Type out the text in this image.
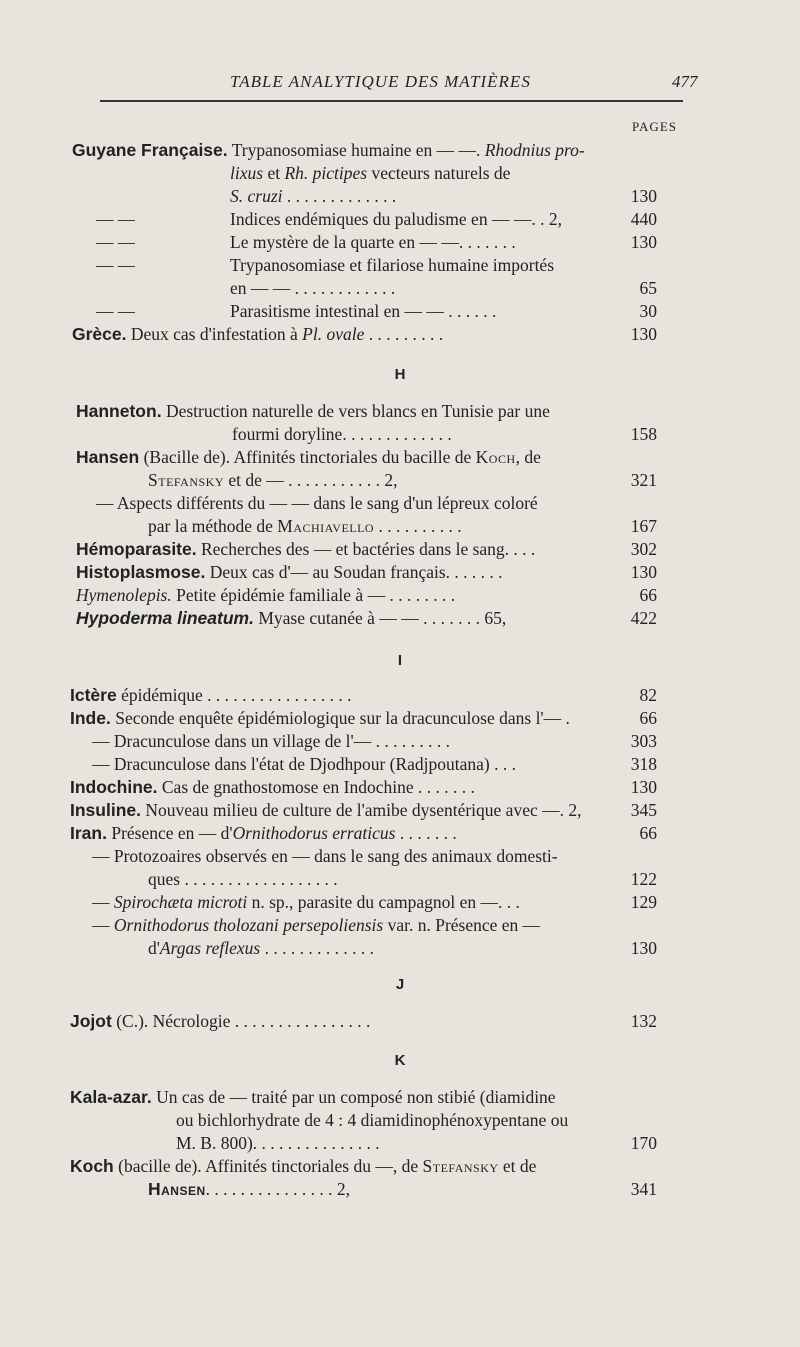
TABLE ANALYTIQUE DES MATIÈRES	477
PAGES
Guyane Française. Trypanosomiase humaine en — —. Rhodnius pro-
lixus et Rh. pictipes vecteurs naturels de
S. cruzi . . . . . . . . . . . . .	130
— —	Indices endémiques du paludisme en — —. . 2,	440
— —	Le mystère de la quarte en — —. . . . . . .	130
— —	Trypanosomiase et filariose humaine importés
en — — . . . . . . . . . . . .	65
— —	Parasitisme intestinal en — — . . . . . .	30
Grèce. Deux cas d'infestation à Pl. ovale . . . . . . . . .	130
H
Hanneton. Destruction naturelle de vers blancs en Tunisie par une
fourmi doryline. . . . . . . . . . . . .	158
Hansen (Bacille de). Affinités tinctoriales du bacille de Koch, de
Stefansky et de — . . . . . . . . . . . 2,	321
— Aspects différents du — — dans le sang d'un lépreux coloré
par la méthode de Machiavello . . . . . . . . . .	167
Hémoparasite. Recherches des — et bactéries dans le sang. . . .	302
Histoplasmose. Deux cas d'— au Soudan français. . . . . . .	130
Hymenolepis. Petite épidémie familiale à — . . . . . . . .	66
Hypoderma lineatum. Myase cutanée à — — . . . . . . . 65,	422
I
Ictère épidémique . . . . . . . . . . . . . . . . .	82
Inde. Seconde enquête épidémiologique sur la dracunculose dans l'— .	66
— Dracunculose dans un village de l'— . . . . . . . . .	303
— Dracunculose dans l'état de Djodhpour (Radjpoutana) . . .	318
Indochine. Cas de gnathostomose en Indochine . . . . . . .	130
Insuline. Nouveau milieu de culture de l'amibe dysentérique avec —. 2,	345
Iran. Présence en — d'Ornithodorus erraticus . . . . . . .	66
— Protozoaires observés en — dans le sang des animaux domesti-
ques . . . . . . . . . . . . . . . . . .	122
— Spirochæta microti n. sp., parasite du campagnol en —. . .	129
— Ornithodorus tholozani persepoliensis var. n. Présence en —
d'Argas reflexus . . . . . . . . . . . . .	130
J
Jojot (C.). Nécrologie . . . . . . . . . . . . . . . .	132
K
Kala-azar. Un cas de — traité par un composé non stibié (diamidine
ou bichlorhydrate de 4 : 4 diamidinophénoxypentane ou
M. B. 800). . . . . . . . . . . . . . .	170
Koch (bacille de). Affinités tinctoriales du —, de Stefansky et de
Hansen. . . . . . . . . . . . . . . 2,	341
